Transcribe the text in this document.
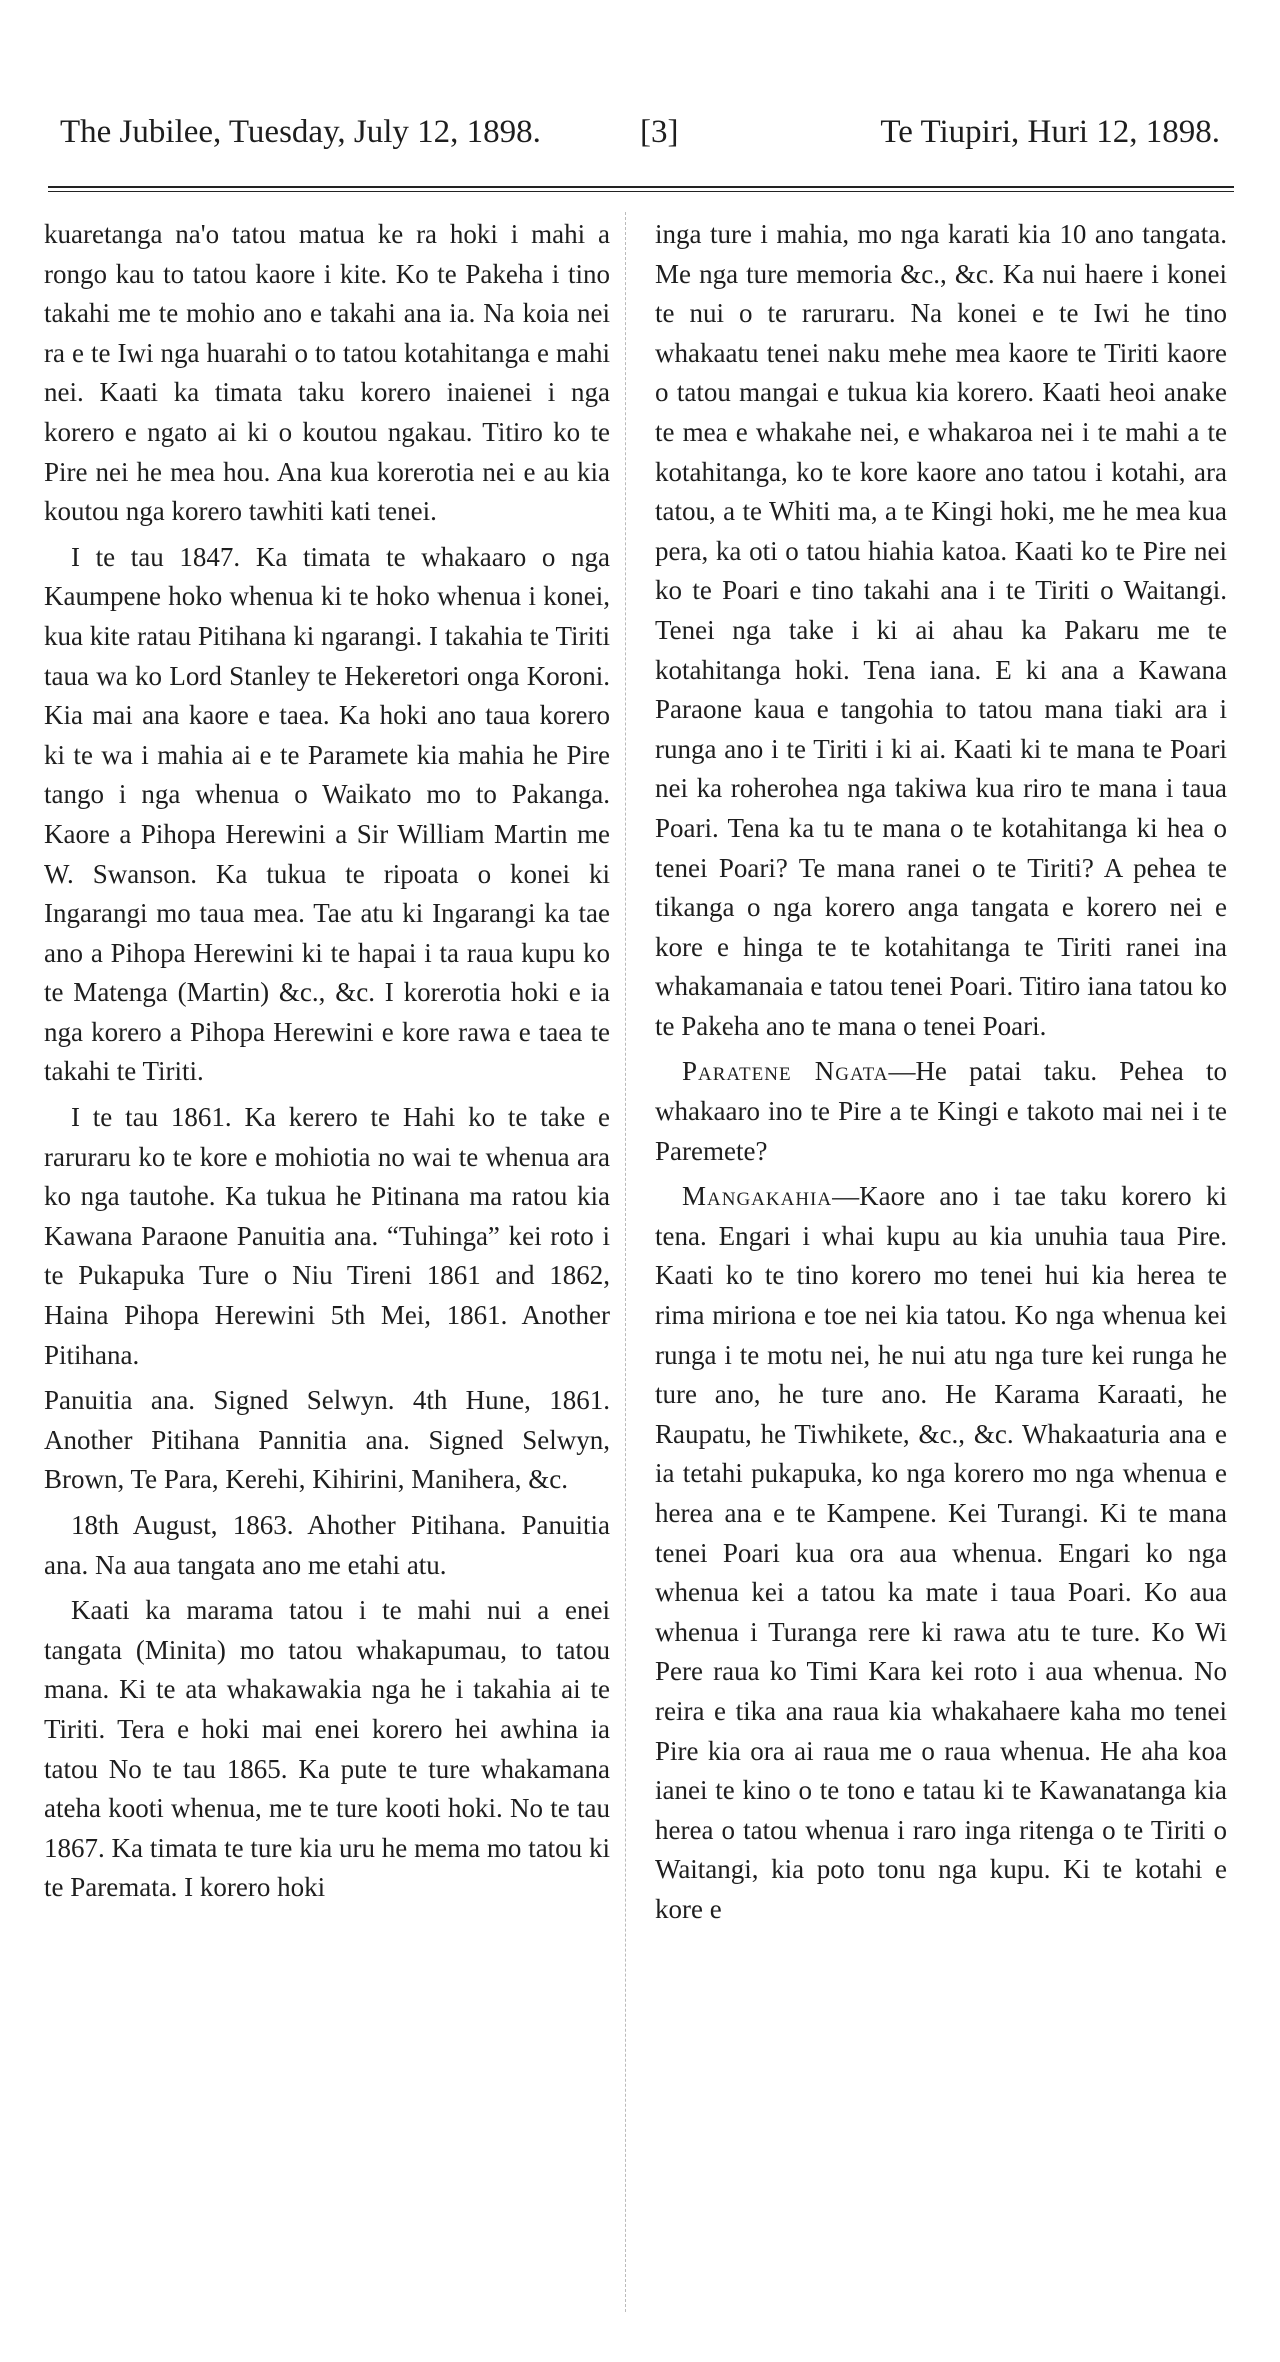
The Jubilee, Tuesday, July 12, 1898.	[3]	Te Tiupiri, Huri 12, 1898.

kuaretanga na'o tatou matua ke ra hoki i mahi a rongo kau to tatou kaore i kite. Ko te Pakeha i tino takahi me te mohio ano e takahi ana ia. Na koia nei ra e te Iwi nga huarahi o to tatou kotahitanga e mahi nei. Kaati ka timata taku korero inaienei i nga korero e ngato ai ki o koutou ngakau. Titiro ko te Pire nei he mea hou. Ana kua korerotia nei e au kia koutou nga korero tawhiti kati tenei.

I te tau 1847. Ka timata te whakaaro o nga Kaumpene hoko whenua ki te hoko whenua i konei, kua kite ratau Pitihana ki ngarangi. I takahia te Tiriti taua wa ko Lord Stanley te Hekeretori onga Koroni. Kia mai ana kaore e taea. Ka hoki ano taua korero ki te wa i mahia ai e te Paramete kia mahia he Pire tango i nga whenua o Waikato mo to Pakanga. Kaore a Pihopa Herewini a Sir William Martin me W. Swanson. Ka tukua te ripoata o konei ki Ingarangi mo taua mea. Tae atu ki Ingarangi ka tae ano a Pihopa Herewini ki te hapai i ta raua kupu ko te Matenga (Martin) &c., &c. I korerotia hoki e ia nga korero a Pihopa Herewini e kore rawa e taea te takahi te Tiriti.

I te tau 1861. Ka kerero te Hahi ko te take e raruraru ko te kore e mohiotia no wai te whenua ara ko nga tautohe. Ka tukua he Pitinana ma ratou kia Kawana Paraone Panuitia ana. “Tuhinga” kei roto i te Pukapuka Ture o Niu Tireni 1861 and 1862, Haina Pihopa Herewini 5th Mei, 1861. Another Pitihana.

Panuitia ana. Signed Selwyn. 4th Hune, 1861. Another Pitihana Pannitia ana. Signed Selwyn, Brown, Te Para, Kerehi, Kihirini, Manihera, &c.

18th August, 1863. Ahother Pitihana. Panuitia ana. Na aua tangata ano me etahi atu.

Kaati ka marama tatou i te mahi nui a enei tangata (Minita) mo tatou whakapumau, to tatou mana. Ki te ata whakawakia nga he i takahia ai te Tiriti. Tera e hoki mai enei korero hei awhina ia tatou No te tau 1865. Ka pute te ture whakamana ateha kooti whenua, me te ture kooti hoki. No te tau 1867. Ka timata te ture kia uru he mema mo tatou ki te Paremata. I korero hoki

inga ture i mahia, mo nga karati kia 10 ano tangata. Me nga ture memoria &c., &c. Ka nui haere i konei te nui o te raruraru. Na konei e te Iwi he tino whakaatu tenei naku mehe mea kaore te Tiriti kaore o tatou mangai e tukua kia korero. Kaati heoi anake te mea e whakahe nei, e whakaroa nei i te mahi a te kotahitanga, ko te kore kaore ano tatou i kotahi, ara tatou, a te Whiti ma, a te Kingi hoki, me he mea kua pera, ka oti o tatou hiahia katoa. Kaati ko te Pire nei ko te Poari e tino takahi ana i te Tiriti o Waitangi. Tenei nga take i ki ai ahau ka Pakaru me te kotahitanga hoki. Tena iana. E ki ana a Kawana Paraone kaua e tangohia to tatou mana tiaki ara i runga ano i te Tiriti i ki ai. Kaati ki te mana te Poari nei ka roherohea nga takiwa kua riro te mana i taua Poari. Tena ka tu te mana o te kotahitanga ki hea o tenei Poari? Te mana ranei o te Tiriti? A pehea te tikanga o nga korero anga tangata e korero nei e kore e hinga te te kotahitanga te Tiriti ranei ina whakamanaia e tatou tenei Poari. Titiro iana tatou ko te Pakeha ano te mana o tenei Poari.

Paratene Ngata—He patai taku. Pehea to whakaaro ino te Pire a te Kingi e takoto mai nei i te Paremete?

Mangakahia—Kaore ano i tae taku korero ki tena. Engari i whai kupu au kia unuhia taua Pire. Kaati ko te tino korero mo tenei hui kia herea te rima miriona e toe nei kia tatou. Ko nga whenua kei runga i te motu nei, he nui atu nga ture kei runga he ture ano, he ture ano. He Karama Karaati, he Raupatu, he Tiwhikete, &c., &c. Whakaaturia ana e ia tetahi pukapuka, ko nga korero mo nga whenua e herea ana e te Kampene. Kei Turangi. Ki te mana tenei Poari kua ora aua whenua. Engari ko nga whenua kei a tatou ka mate i taua Poari. Ko aua whenua i Turanga rere ki rawa atu te ture. Ko Wi Pere raua ko Timi Kara kei roto i aua whenua. No reira e tika ana raua kia whakahaere kaha mo tenei Pire kia ora ai raua me o raua whenua. He aha koa ianei te kino o te tono e tatau ki te Kawanatanga kia herea o tatou whenua i raro inga ritenga o te Tiriti o Waitangi, kia poto tonu nga kupu. Ki te kotahi e kore e
